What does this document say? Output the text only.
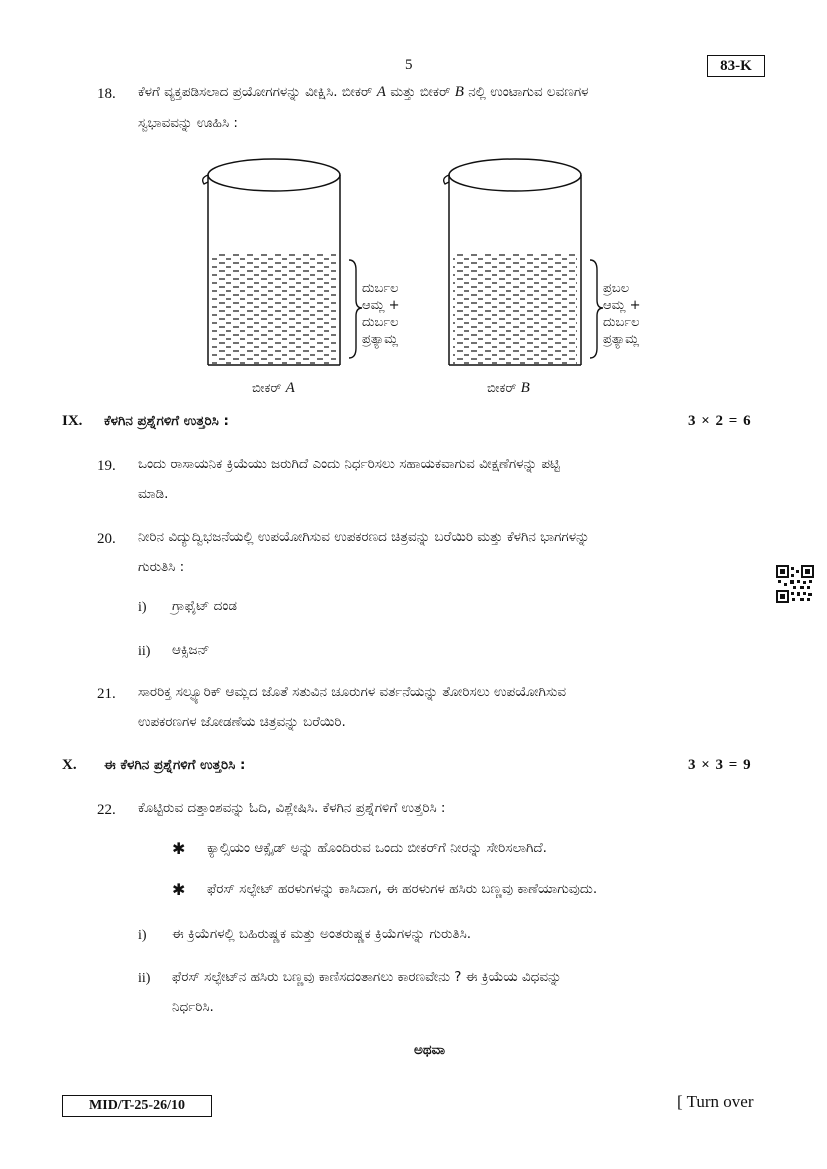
5	83-K
18. ಕೆಳಗೆ ವ್ಯಕ್ತಪಡಿಸಲಾದ ಪ್ರಯೋಗಗಳನ್ನು ವೀಕ್ಷಿಸಿ. ಬೀಕರ್ A ಮತ್ತು ಬೀಕರ್ B ನಲ್ಲಿ ಉಂಟಾಗುವ ಲವಣಗಳ
ಸ್ವಭಾವವನ್ನು ಊಹಿಸಿ :
ದುರ್ಬಲ
ಆಮ್ಲ +
ದುರ್ಬಲ
ಪ್ರತ್ಯಾಮ್ಲ
ಪ್ರಬಲ
ಆಮ್ಲ +
ದುರ್ಬಲ
ಪ್ರತ್ಯಾಮ್ಲ
ಬೀಕರ್ A	ಬೀಕರ್ B
IX. ಕೆಳಗಿನ ಪ್ರಶ್ನೆಗಳಿಗೆ ಉತ್ತರಿಸಿ :	3 × 2 = 6
19. ಒಂದು ರಾಸಾಯನಿಕ ಕ್ರಿಯೆಯು ಜರುಗಿದೆ ಎಂದು ನಿರ್ಧರಿಸಲು ಸಹಾಯಕವಾಗುವ ವೀಕ್ಷಣೆಗಳನ್ನು ಪಟ್ಟಿ
ಮಾಡಿ.
20. ನೀರಿನ ವಿದ್ಯುದ್ವಿಭಜನೆಯಲ್ಲಿ ಉಪಯೋಗಿಸುವ ಉಪಕರಣದ ಚಿತ್ರವನ್ನು ಬರೆಯಿರಿ ಮತ್ತು ಕೆಳಗಿನ ಭಾಗಗಳನ್ನು
ಗುರುತಿಸಿ :
i) ಗ್ರಾಫೈಟ್ ದಂಡ
ii) ಆಕ್ಸಿಜನ್
21. ಸಾರರಿಕ್ತ ಸಲ್ಫ್ಯೂರಿಕ್ ಆಮ್ಲದ ಜೊತೆ ಸತುವಿನ ಚೂರುಗಳ ವರ್ತನೆಯನ್ನು ತೋರಿಸಲು ಉಪಯೋಗಿಸುವ
ಉಪಕರಣಗಳ ಜೋಡಣೆಯ ಚಿತ್ರವನ್ನು ಬರೆಯಿರಿ.
X. ಈ ಕೆಳಗಿನ ಪ್ರಶ್ನೆಗಳಿಗೆ ಉತ್ತರಿಸಿ :	3 × 3 = 9
22. ಕೊಟ್ಟಿರುವ ದತ್ತಾಂಶವನ್ನು ಓದಿ, ವಿಶ್ಲೇಷಿಸಿ. ಕೆಳಗಿನ ಪ್ರಶ್ನೆಗಳಿಗೆ ಉತ್ತರಿಸಿ :
✱ ಕ್ಯಾಲ್ಸಿಯಂ ಆಕ್ಸೈಡ್ ಅನ್ನು ಹೊಂದಿರುವ ಒಂದು ಬೀಕರ್‌ಗೆ ನೀರನ್ನು ಸೇರಿಸಲಾಗಿದೆ.
✱ ಫೆರಸ್ ಸಲ್ಫೇಟ್ ಹರಳುಗಳನ್ನು ಕಾಸಿದಾಗ, ಈ ಹರಳುಗಳ ಹಸಿರು ಬಣ್ಣವು ಕಾಣೆಯಾಗುವುದು.
i) ಈ ಕ್ರಿಯೆಗಳಲ್ಲಿ ಬಹಿರುಷ್ಣಕ ಮತ್ತು ಅಂತರುಷ್ಣಕ ಕ್ರಿಯೆಗಳನ್ನು ಗುರುತಿಸಿ.
ii) ಫೆರಸ್ ಸಲ್ಫೇಟ್‌ನ ಹಸಿರು ಬಣ್ಣವು ಕಾಣಿಸದಂತಾಗಲು ಕಾರಣವೇನು ? ಈ ಕ್ರಿಯೆಯ ವಿಧವನ್ನು
ನಿರ್ಧರಿಸಿ.
ಅಥವಾ
MID/T-25-26/10	[ Turn over
